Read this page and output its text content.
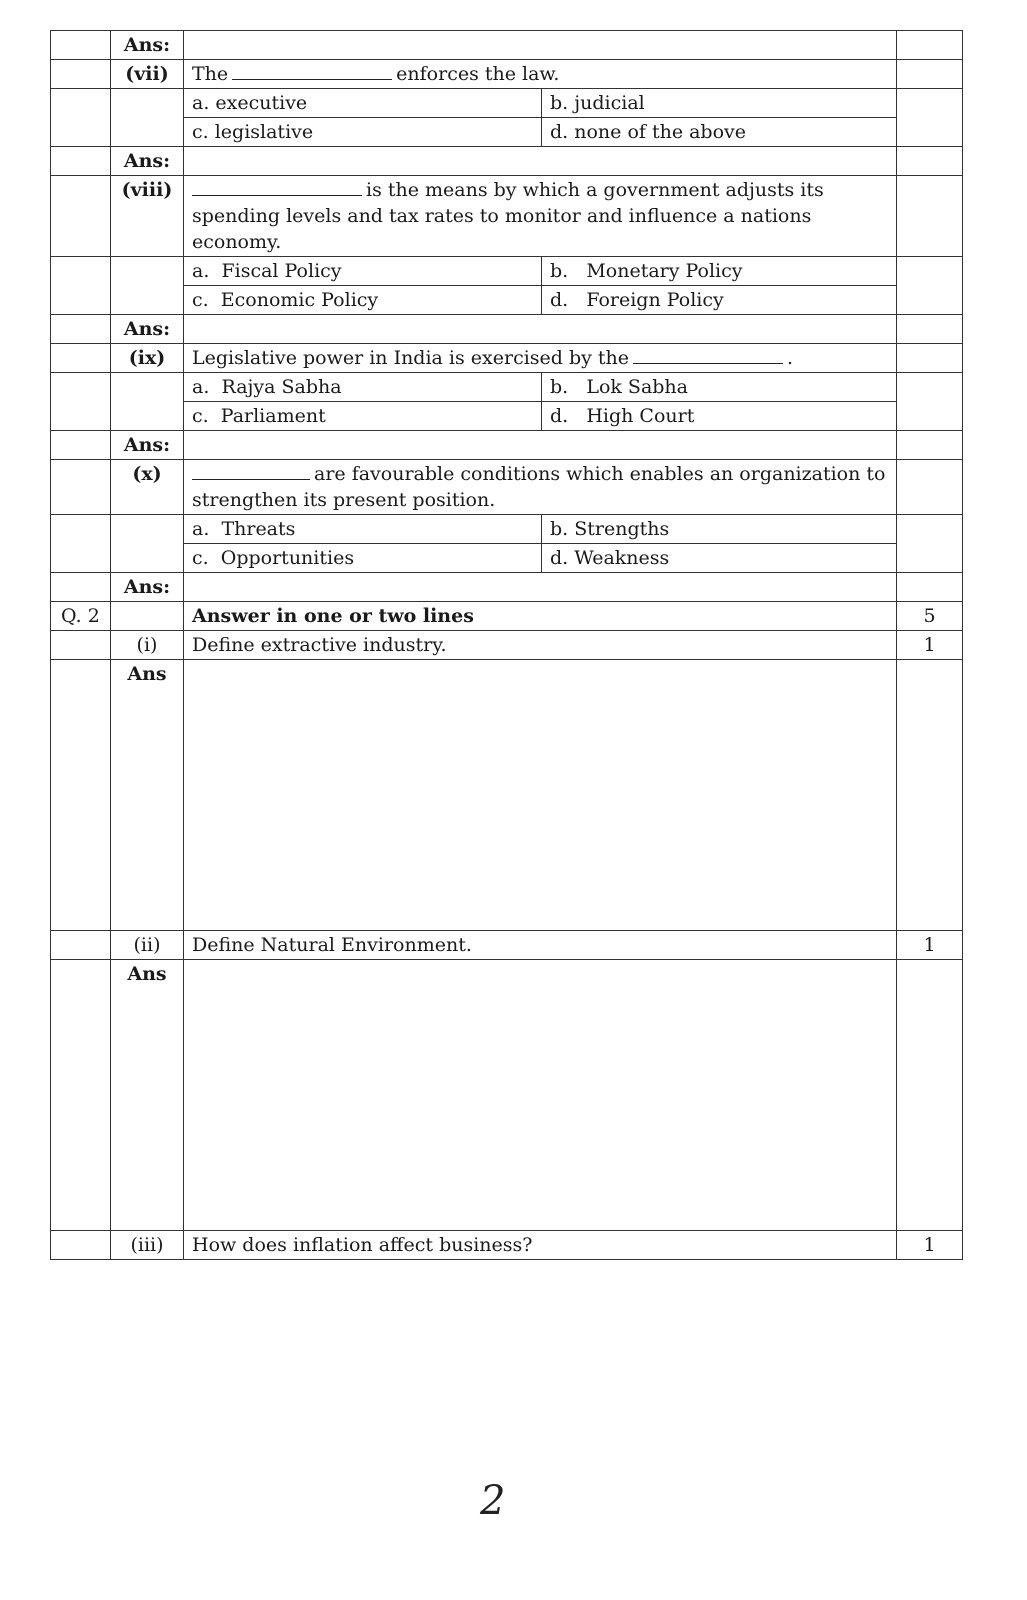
	Ans:			
	(vii)	The enforces the law.		
		a. executive	b. judicial	
		c. legislative	d. none of the above	
	Ans:			
	(viii)	is the means by which a government adjusts its spending levels and tax rates to monitor and influence a nations economy.		
		a.  Fiscal Policy	b.   Monetary Policy	
		c.  Economic Policy	d.   Foreign Policy	
	Ans:			
	(ix)	Legislative power in India is exercised by the .		
		a.  Rajya Sabha	b.   Lok Sabha	
		c.  Parliament	d.   High Court	
	Ans:			
	(x)	are favourable conditions which enables an organization to strengthen its present position.		
		a.  Threats	b. Strengths	
		c.  Opportunities	d. Weakness	
	Ans:			
Q. 2		Answer in one or two lines		5
	(i)	Define extractive industry.		1
	Ans			
	(ii)	Define Natural Environment.		1
	Ans			
	(iii)	How does inflation affect business?		1
2
